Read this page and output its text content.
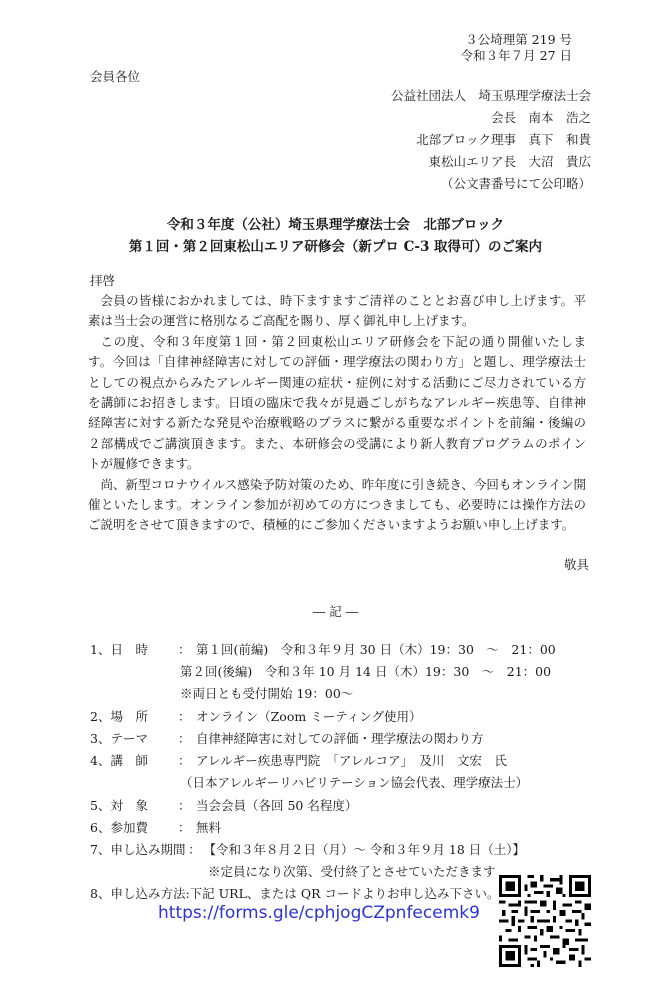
３公埼理第 219 号
令和３年７月 27 日
会員各位
公益社団法人　埼玉県理学療法士会
会長　南本　浩之
北部ブロック理事　真下　和貴
東松山エリア長　大沼　貴広
（公文書番号にて公印略）
令和３年度（公社）埼玉県理学療法士会　北部ブロック
第１回・第２回東松山エリア研修会（新プロ C-3 取得可）のご案内
拝啓

会員の皆様におかれましては、時下ますますご清祥のこととお喜び申し上げます。平素は当士会の運営に格別なるご高配を賜り、厚く御礼申し上げます。

この度、令和３年度第１回・第２回東松山エリア研修会を下記の通り開催いたします。今回は「自律神経障害に対しての評価・理学療法の関わり方」と題し、理学療法士としての視点からみたアレルギー関連の症状・症例に対する活動にご尽力されている方を講師にお招きします。日頃の臨床で我々が見過ごしがちなアレルギー疾患等、自律神経障害に対する新たな発見や治療戦略のプラスに繋がる重要なポイントを前編・後編の２部構成でご講演頂きます。また、本研修会の受講により新人教育プログラムのポイントが履修できます。

尚、新型コロナウイルス感染予防対策のため、昨年度に引き続き、今回もオンライン開催といたします。オンライン参加が初めての方につきましても、必要時には操作方法のご説明をさせて頂きますので、積極的にご参加くださいますようお願い申し上げます。

敬具
― 記 ―
1、日　時 ： 第１回(前編)　令和３年９月 30 日（木）19：30　～　21：00
第２回(後編)　令和３年 10 月 14 日（木）19：30　～　21：00
※両日とも受付開始 19：00～
2、場　所 ： オンライン（Zoom ミーティング使用）
3、テーマ ： 自律神経障害に対しての評価・理学療法の関わり方
4、講　師 ： アレルギー疾患専門院　「アレルコア」　及川　文宏　氏
（日本アレルギーリハビリテーション協会代表、理学療法士）
5、対　象 ： 当会会員（各回 50 名程度）
6、参加費 ： 無料
7、申し込み期間 ： 【令和３年８月２日（月）～ 令和３年９月 18 日（土）】
※定員になり次第、受付終了とさせていただきます
8、申し込み方法:下記 URL、または QR コードよりお申し込み下さい。
https://forms.gle/cphjogCZpnfecemk9
